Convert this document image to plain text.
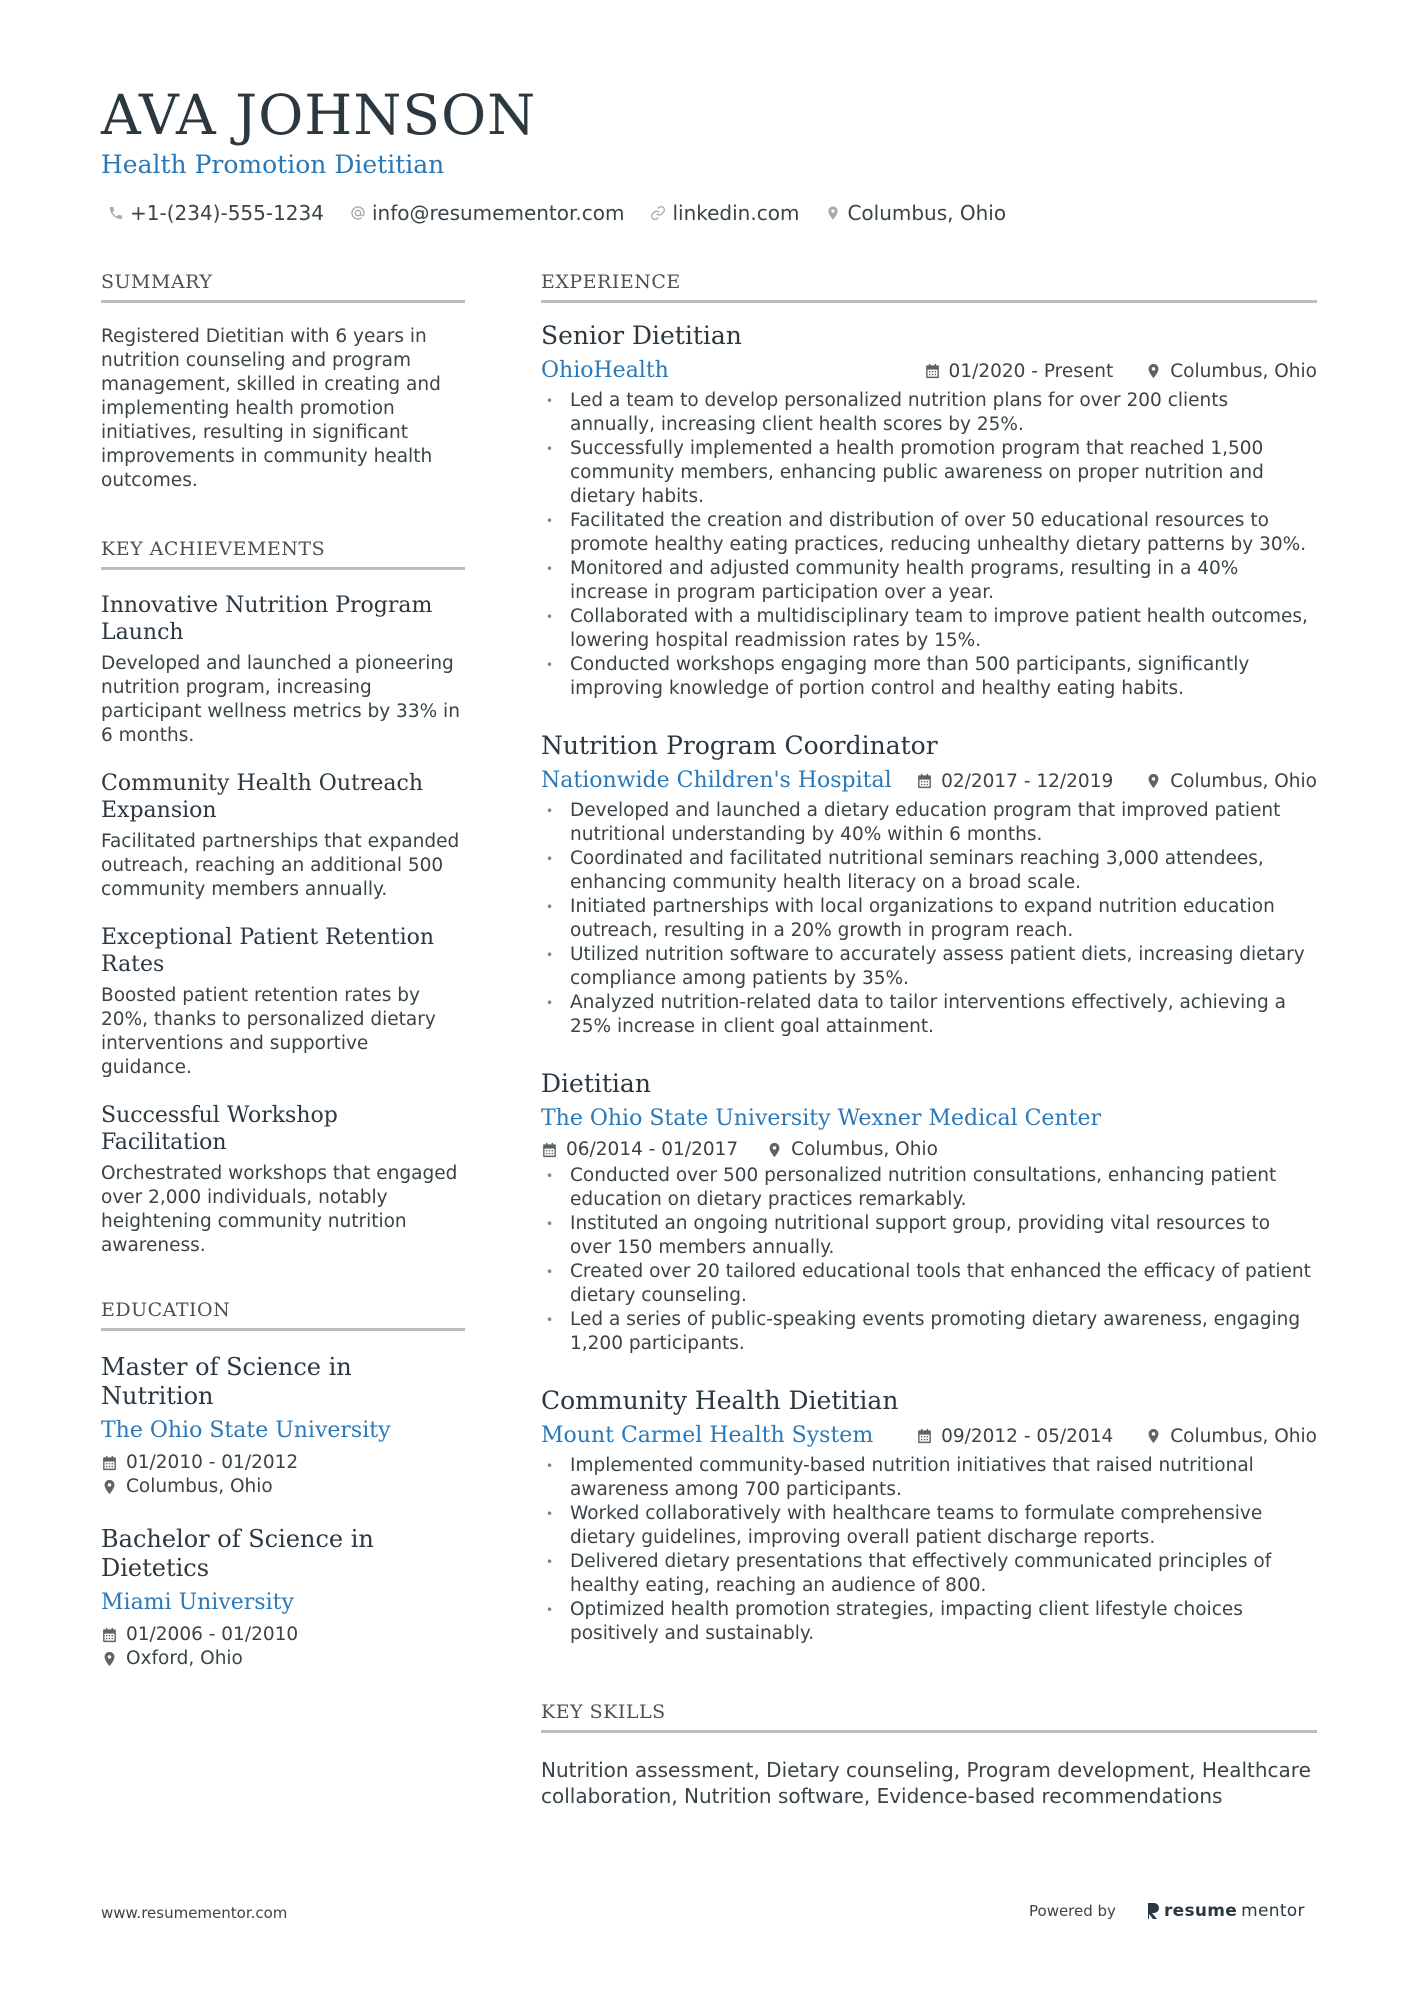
AVA JOHNSON
Health Promotion Dietitian
+1-(234)-555-1234 info@resumementor.com linkedin.com Columbus, Ohio
SUMMARY

Registered Dietitian with 6 years in nutrition counseling and program management, skilled in creating and implementing health promotion initiatives, resulting in significant improvements in community health outcomes.

KEY ACHIEVEMENTS
Innovative Nutrition Program Launch
Developed and launched a pioneering nutrition program, increasing participant wellness metrics by 33% in 6 months.
Community Health Outreach Expansion
Facilitated partnerships that expanded outreach, reaching an additional 500 community members annually.
Exceptional Patient Retention Rates
Boosted patient retention rates by 20%, thanks to personalized dietary interventions and supportive guidance.
Successful Workshop Facilitation
Orchestrated workshops that engaged over 2,000 individuals, notably heightening community nutrition awareness.
EDUCATION
Master of Science in Nutrition
The Ohio State University
01/2010 - 01/2012
Columbus, Ohio
Bachelor of Science in Dietetics
Miami University
01/2006 - 01/2010
Oxford, Ohio
EXPERIENCE
Senior Dietitian
OhioHealth	01/2020 - Present	Columbus, Ohio
• Led a team to develop personalized nutrition plans for over 200 clients annually, increasing client health scores by 25%.
• Successfully implemented a health promotion program that reached 1,500 community members, enhancing public awareness on proper nutrition and dietary habits.
• Facilitated the creation and distribution of over 50 educational resources to promote healthy eating practices, reducing unhealthy dietary patterns by 30%.
• Monitored and adjusted community health programs, resulting in a 40% increase in program participation over a year.
• Collaborated with a multidisciplinary team to improve patient health outcomes, lowering hospital readmission rates by 15%.
• Conducted workshops engaging more than 500 participants, significantly improving knowledge of portion control and healthy eating habits.
Nutrition Program Coordinator
Nationwide Children's Hospital	02/2017 - 12/2019	Columbus, Ohio
• Developed and launched a dietary education program that improved patient nutritional understanding by 40% within 6 months.
• Coordinated and facilitated nutritional seminars reaching 3,000 attendees, enhancing community health literacy on a broad scale.
• Initiated partnerships with local organizations to expand nutrition education outreach, resulting in a 20% growth in program reach.
• Utilized nutrition software to accurately assess patient diets, increasing dietary compliance among patients by 35%.
• Analyzed nutrition-related data to tailor interventions effectively, achieving a 25% increase in client goal attainment.
Dietitian
The Ohio State University Wexner Medical Center
06/2014 - 01/2017	Columbus, Ohio
• Conducted over 500 personalized nutrition consultations, enhancing patient education on dietary practices remarkably.
• Instituted an ongoing nutritional support group, providing vital resources to over 150 members annually.
• Created over 20 tailored educational tools that enhanced the efficacy of patient dietary counseling.
• Led a series of public-speaking events promoting dietary awareness, engaging 1,200 participants.
Community Health Dietitian
Mount Carmel Health System	09/2012 - 05/2014	Columbus, Ohio
• Implemented community-based nutrition initiatives that raised nutritional awareness among 700 participants.
• Worked collaboratively with healthcare teams to formulate comprehensive dietary guidelines, improving overall patient discharge reports.
• Delivered dietary presentations that effectively communicated principles of healthy eating, reaching an audience of 800.
• Optimized health promotion strategies, impacting client lifestyle choices positively and sustainably.
KEY SKILLS

Nutrition assessment, Dietary counseling, Program development, Healthcare collaboration, Nutrition software, Evidence-based recommendations

www.resumementor.com	Powered by	resume mentor
